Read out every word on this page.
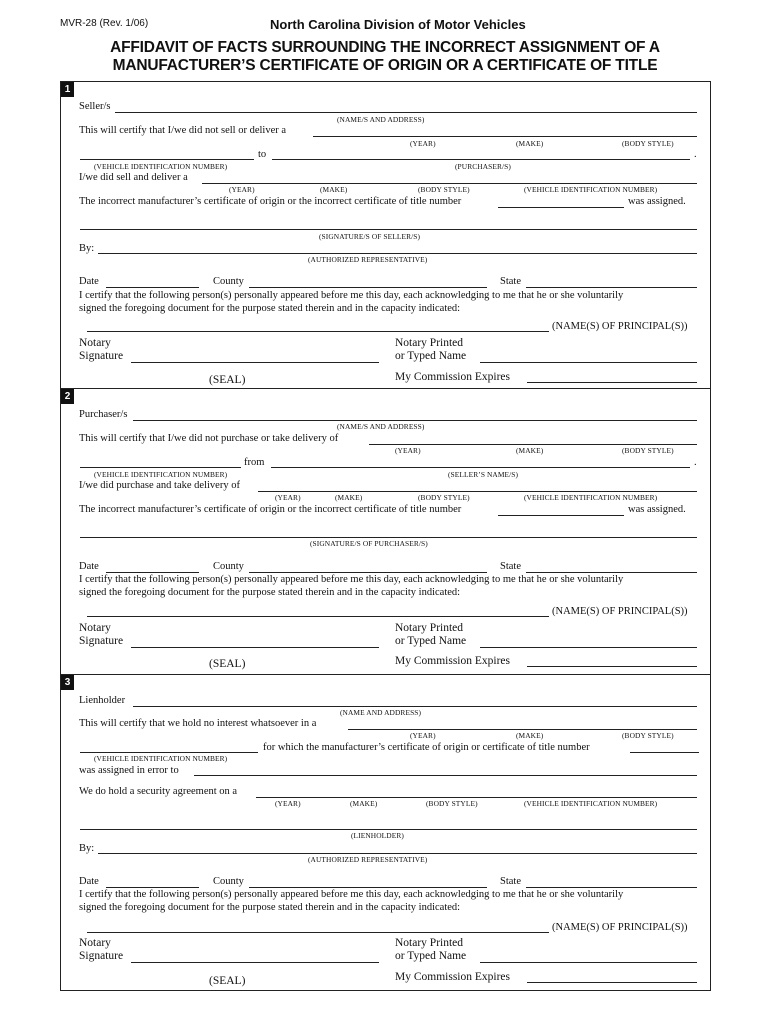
MVR-28 (Rev. 1/06)	North Carolina Division of Motor Vehicles
AFFIDAVIT OF FACTS SURROUNDING THE INCORRECT ASSIGNMENT OF A
MANUFACTURER’S CERTIFICATE OF ORIGIN OR A CERTIFICATE OF TITLE
1
Seller/s
(NAME/S AND ADDRESS)
This will certify that I/we did not sell or deliver a
(YEAR)	(MAKE)	(BODY STYLE)
to	.
(VEHICLE IDENTIFICATION NUMBER)	(PURCHASER/S)
I/we did sell and deliver a
(YEAR)	(MAKE)	(BODY STYLE)	(VEHICLE IDENTIFICATION NUMBER)
The incorrect manufacturer’s certificate of origin or the incorrect certificate of title number	was assigned.
(SIGNATURE/S OF SELLER/S)
By:
(AUTHORIZED REPRESENTATIVE)
Date	County	State
I certify that the following person(s) personally appeared before me this day, each acknowledging to me that he or she voluntarily
signed the foregoing document for the purpose stated therein and in the capacity indicated:
(NAME(S) OF PRINCIPAL(S))
Notary
Signature
Notary Printed
or Typed Name
(SEAL)	My Commission Expires
2
Purchaser/s
(NAME/S AND ADDRESS)
This will certify that I/we did not purchase or take delivery of
(YEAR)	(MAKE)	(BODY STYLE)
from	.
(VEHICLE IDENTIFICATION NUMBER)	(SELLER’S NAME/S)
I/we did purchase and take delivery of
(YEAR)	(MAKE)	(BODY STYLE)	(VEHICLE IDENTIFICATION NUMBER)
The incorrect manufacturer’s certificate of origin or the incorrect certificate of title number	was assigned.
(SIGNATURE/S OF PURCHASER/S)
Date	County	State
I certify that the following person(s) personally appeared before me this day, each acknowledging to me that he or she voluntarily
signed the foregoing document for the purpose stated therein and in the capacity indicated:
(NAME(S) OF PRINCIPAL(S))
Notary
Signature
Notary Printed
or Typed Name
(SEAL)	My Commission Expires
3
Lienholder
(NAME AND ADDRESS)
This will certify that we hold no interest whatsoever in a
(YEAR)	(MAKE)	(BODY STYLE)
for which the manufacturer’s certificate of origin or certificate of title number
(VEHICLE IDENTIFICATION NUMBER)
was assigned in error to
We do hold a security agreement on a
(YEAR)	(MAKE)	(BODY STYLE)	(VEHICLE IDENTIFICATION NUMBER)
(LIENHOLDER)
By:
(AUTHORIZED REPRESENTATIVE)
Date	County	State
I certify that the following person(s) personally appeared before me this day, each acknowledging to me that he or she voluntarily
signed the foregoing document for the purpose stated therein and in the capacity indicated:
(NAME(S) OF PRINCIPAL(S))
Notary
Signature
Notary Printed
or Typed Name
(SEAL)	My Commission Expires
